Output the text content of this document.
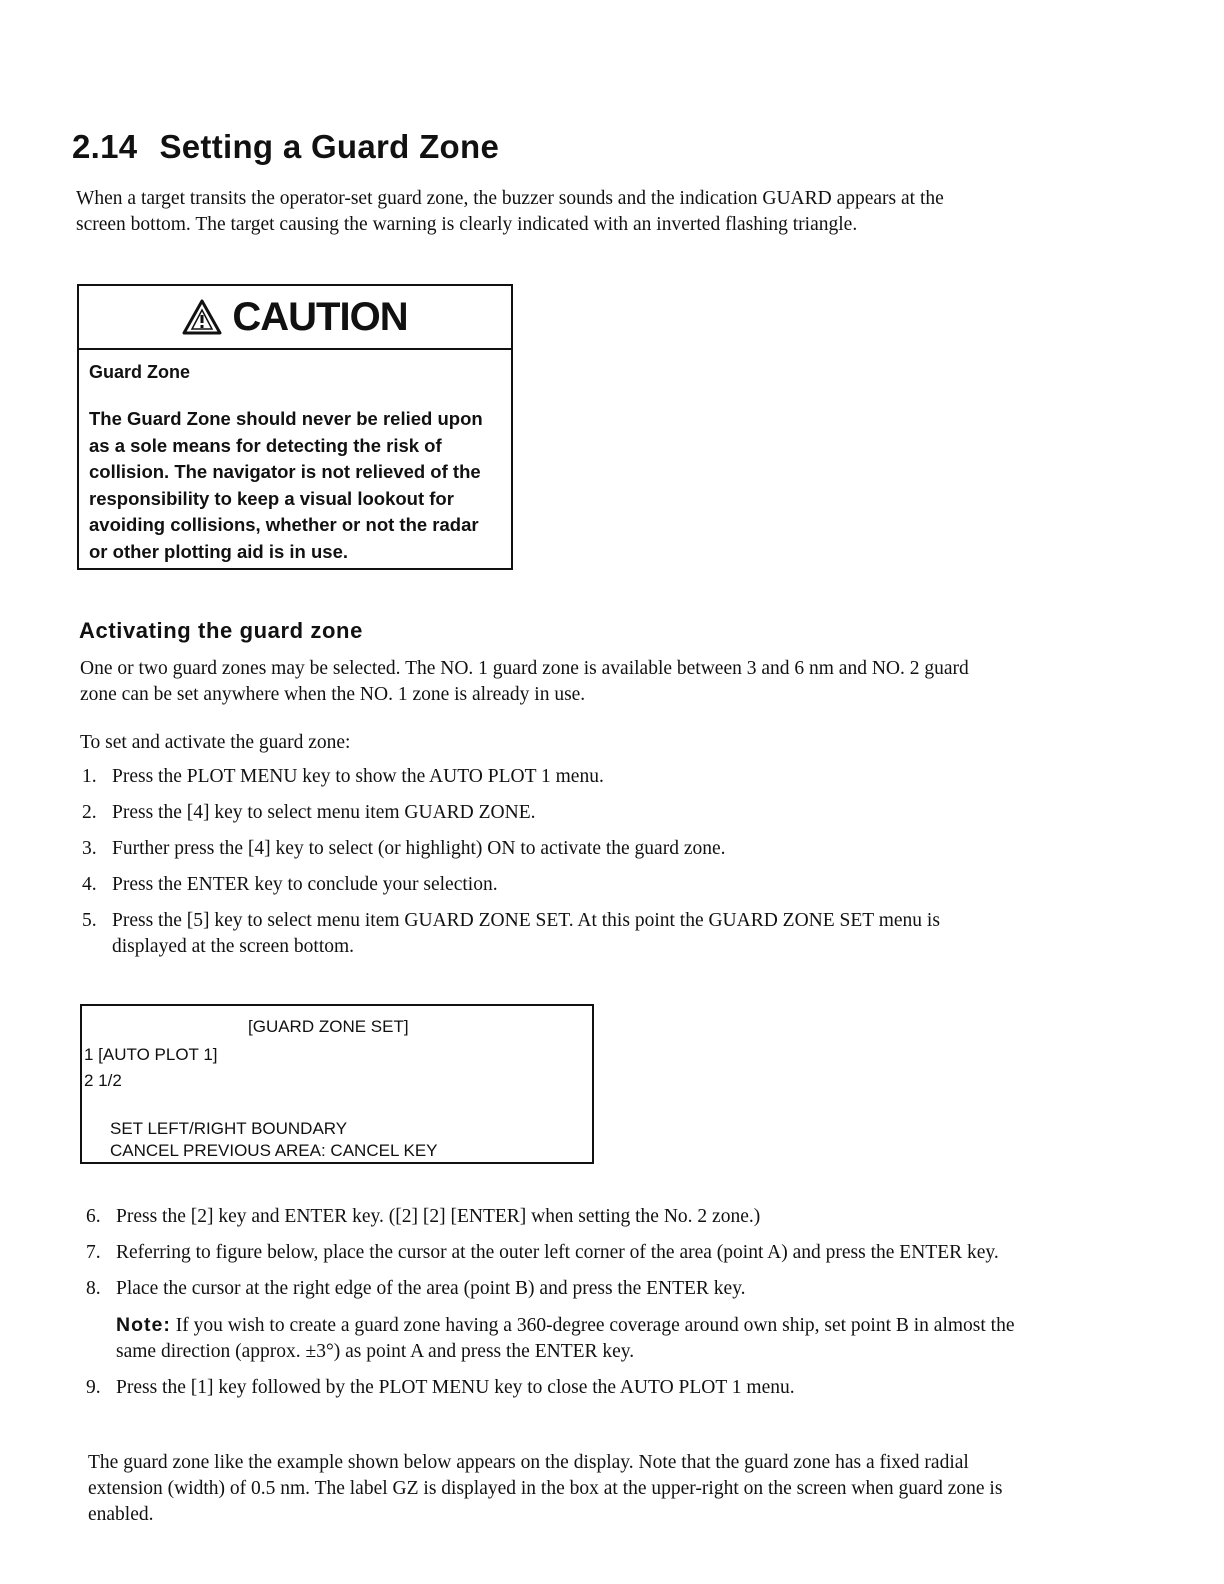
2.14 Setting a Guard Zone

When a target transits the operator-set guard zone, the buzzer sounds and the indication GUARD appears at the screen bottom. The target causing the warning is clearly indicated with an inverted flashing triangle.

CAUTION
Guard Zone

The Guard Zone should never be relied upon as a sole means for detecting the risk of collision. The navigator is not relieved of the responsibility to keep a visual lookout for avoiding collisions, whether or not the radar or other plotting aid is in use.

Activating the guard zone

One or two guard zones may be selected. The NO. 1 guard zone is available between 3 and 6 nm and NO. 2 guard zone can be set anywhere when the NO. 1 zone is already in use.

To set and activate the guard zone:

1. Press the PLOT MENU key to show the AUTO PLOT 1 menu.
2. Press the [4] key to select menu item GUARD ZONE.
3. Further press the [4] key to select (or highlight) ON to activate the guard zone.
4. Press the ENTER key to conclude your selection.
5. Press the [5] key to select menu item GUARD ZONE SET. At this point the GUARD ZONE SET menu is displayed at the screen bottom.
[GUARD ZONE SET]
1 [AUTO PLOT 1]
2 1/2
SET LEFT/RIGHT BOUNDARY
CANCEL PREVIOUS AREA: CANCEL KEY
6. Press the [2] key and ENTER key. ([2] [2] [ENTER] when setting the No. 2 zone.)
7. Referring to figure below, place the cursor at the outer left corner of the area (point A) and press the ENTER key.
8. Place the cursor at the right edge of the area (point B) and press the ENTER key.
Note: If you wish to create a guard zone having a 360-degree coverage around own ship, set point B in almost the same direction (approx. ±3°) as point A and press the ENTER key.
9. Press the [1] key followed by the PLOT MENU key to close the AUTO PLOT 1 menu.

The guard zone like the example shown below appears on the display. Note that the guard zone has a fixed radial extension (width) of 0.5 nm. The label GZ is displayed in the box at the upper-right on the screen when guard zone is enabled.
